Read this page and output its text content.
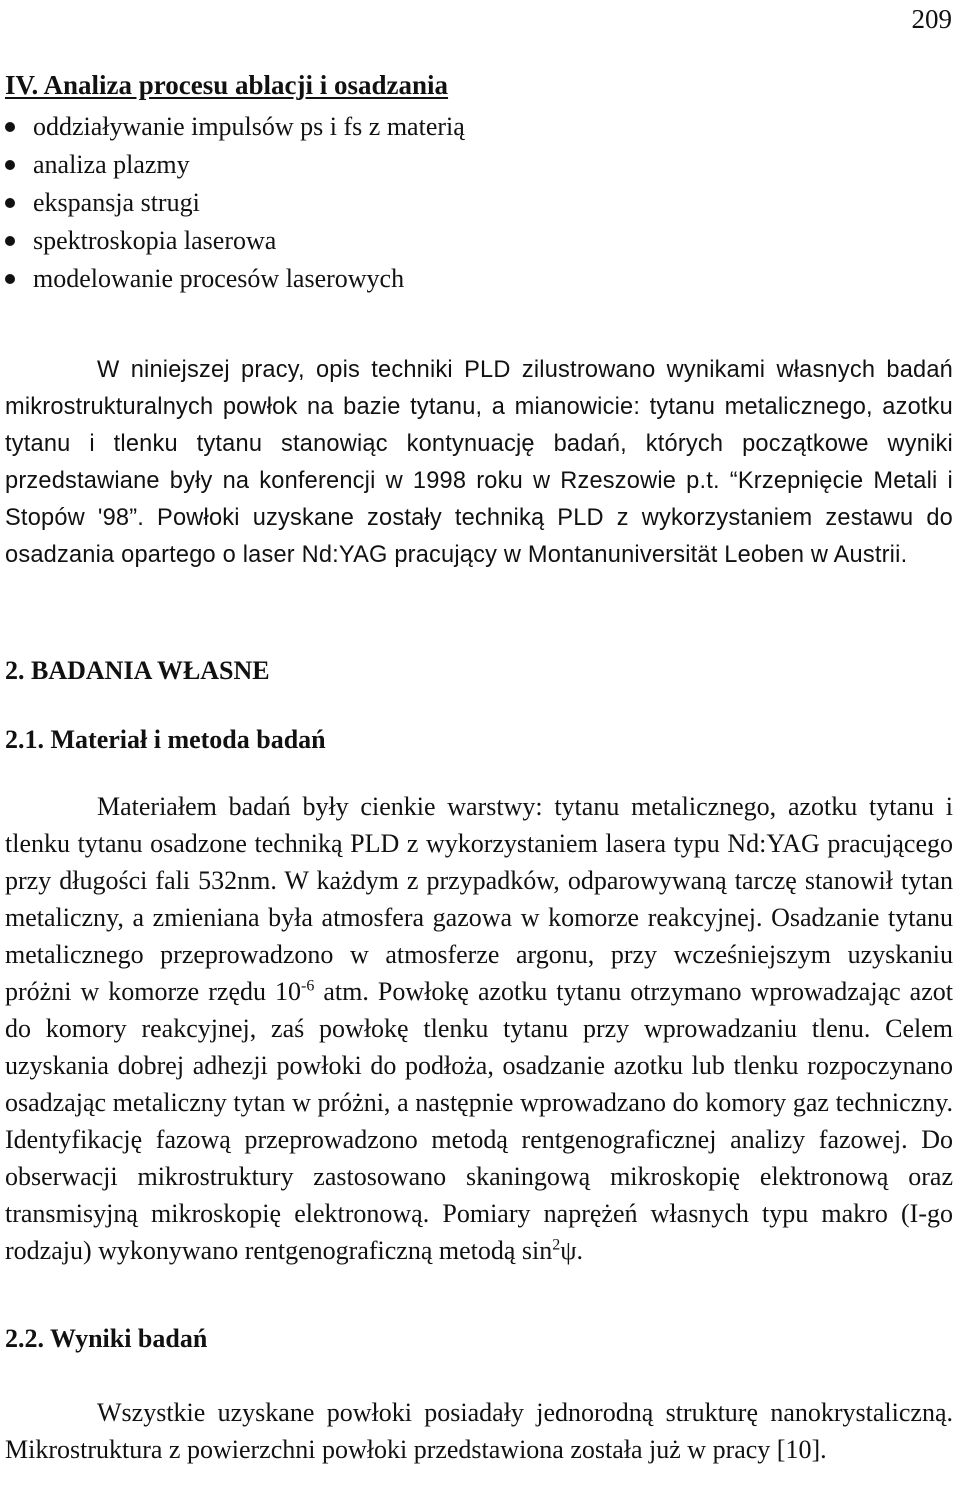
209
IV. Analiza procesu ablacji i osadzania
oddziaływanie impulsów ps i fs z materią
analiza plazmy
ekspansja strugi
spektroskopia laserowa
modelowanie procesów laserowych

W niniejszej pracy, opis techniki PLD zilustrowano wynikami własnych badań mikrostrukturalnych powłok na bazie tytanu, a mianowicie: tytanu metalicznego, azotku tytanu i tlenku tytanu stanowiąc kontynuację badań, których początkowe wyniki przedstawiane były na konferencji w 1998 roku w Rzeszowie p.t. “Krzepnięcie Metali i Stopów '98”. Powłoki uzyskane zostały techniką PLD z wykorzystaniem zestawu do osadzania opartego o laser Nd:YAG pracujący w Montanuniversität Leoben w Austrii.

2. BADANIA WŁASNE
2.1. Materiał i metoda badań

Materiałem badań były cienkie warstwy: tytanu metalicznego, azotku tytanu i tlenku tytanu osadzone techniką PLD z wykorzystaniem lasera typu Nd:YAG pracującego przy długości fali 532nm. W każdym z przypadków, odparowywaną tarczę stanowił tytan metaliczny, a zmieniana była atmosfera gazowa w komorze reakcyjnej. Osadzanie tytanu metalicznego przeprowadzono w atmosferze argonu, przy wcześniejszym uzyskaniu próżni w komorze rzędu $10^{-6}$ atm. Powłokę azotku tytanu otrzymano wprowadzając azot do komory reakcyjnej, zaś powłokę tlenku tytanu przy wprowadzaniu tlenu. Celem uzyskania dobrej adhezji powłoki do podłoża, osadzanie azotku lub tlenku rozpoczynano osadzając metaliczny tytan w próżni, a następnie wprowadzano do komory gaz techniczny. Identyfikację fazową przeprowadzono metodą rentgenograficznej analizy fazowej. Do obserwacji mikrostruktury zastosowano skaningową mikroskopię elektronową oraz transmisyjną mikroskopię elektronową. Pomiary naprężeń własnych typu makro (I-go rodzaju) wykonywano rentgenograficzną metodą $\sin^2\psi$.

2.2. Wyniki badań

Wszystkie uzyskane powłoki posiadały jednorodną strukturę nanokrystaliczną. Mikrostruktura z powierzchni powłoki przedstawiona została już w pracy [10].
